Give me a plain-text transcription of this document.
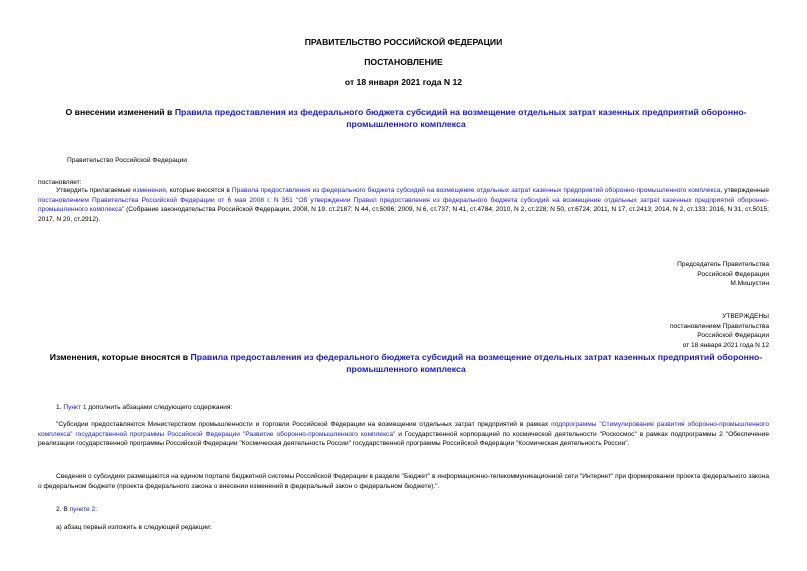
ПРАВИТЕЛЬСТВО РОССИЙСКОЙ ФЕДЕРАЦИИ
ПОСТАНОВЛЕНИЕ
от 18 января 2021 года N 12
О внесении изменений в Правила предоставления из федерального бюджета субсидий на возмещение отдельных затрат казенных предприятий оборонно-промышленного комплекса
Правительство Российской Федерации
постановляет:
Утвердить прилагаемые изменения, которые вносятся в Правила предоставления из федерального бюджета субсидий на возмещение отдельных затрат казенных предприятий оборонно-промышленного комплекса, утвержденные постановлением Правительства Российской Федерации от 6 мая 2008 г. N 351 "Об утверждении Правил предоставления из федерального бюджета субсидий на возмещение отдельных затрат казенных предприятий оборонно-промышленного комплекса" (Собрание законодательства Российской Федерации, 2008, N 19, ст.2187; N 44, ст.5096; 2009, N 6, ст.737; N 41, ст.4784; 2010, N 2, ст.228; N 50, ст.6724; 2011, N 17, ст.2413; 2014, N 2, ст.133; 2016, N 31, ст.5015; 2017, N 20, ст.2912).
Председатель Правительства
Российской Федерации
М.Мишустин
УТВЕРЖДЕНЫ
постановлением Правительства
Российской Федерации
от 18 января 2021 года N 12
Изменения, которые вносятся в Правила предоставления из федерального бюджета субсидий на возмещение отдельных затрат казенных предприятий оборонно-промышленного комплекса
1. Пункт 1 дополнить абзацами следующего содержания:
"Субсидии предоставляются Министерством промышленности и торговли Российской Федерации на возмещение отдельных затрат предприятий в рамках подпрограммы "Стимулирование развития оборонно-промышленного комплекса" государственной программы Российской Федерации "Развитие оборонно-промышленного комплекса" и Государственной корпорацией по космической деятельности "Роскосмос" в рамках подпрограммы 2 "Обеспечение реализации государственной программы Российской Федерации "Космическая деятельность России" государственной программы Российской Федерации "Космическая деятельность России".
Сведения о субсидиях размещаются на едином портале бюджетной системы Российской Федерации в разделе "Бюджет" в информационно-телекоммуникационной сети "Интернет" при формировании проекта федерального закона о федеральном бюджете (проекта федерального закона о внесении изменений в федеральный закон о федеральном бюджете).".
2. В пункте 2:
а) абзац первый изложить в следующей редакции:
